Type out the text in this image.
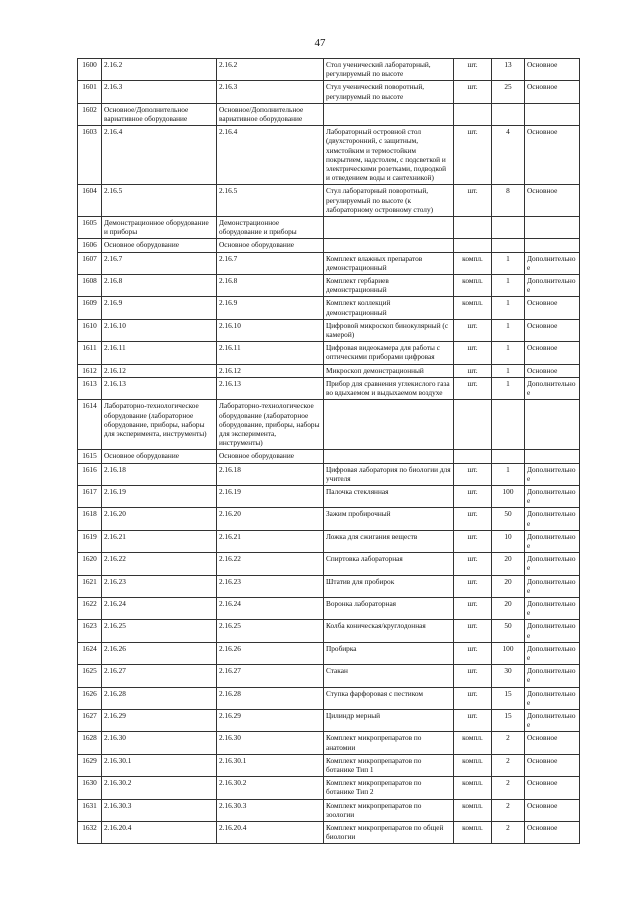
47
1600	2.16.2	2.16.2	Стол ученический лабораторный, регулируемый по высоте	шт.	13	Основное
1601	2.16.3	2.16.3	Стул ученический поворотный, регулируемый по высоте	шт.	25	Основное
1602	Основное/Дополнительное вариативное оборудование	Основное/Дополнительное вариативное оборудование				
1603	2.16.4	2.16.4	Лабораторный островной стол (двухсторонний, с защитным, химстойким и термостойким покрытием, надстолем, с подсветкой и электрическими розетками, подводкой и отведением воды и сантехникой)	шт.	4	Основное
1604	2.16.5	2.16.5	Стул лабораторный поворотный, регулируемый по высоте (к лабораторному островному столу)	шт.	8	Основное
1605	Демонстрационное оборудование и приборы	Демонстрационное оборудование и приборы				
1606	Основное оборудование	Основное оборудование				
1607	2.16.7	2.16.7	Комплект влажных препаратов демонстрационный	компл.	1	Дополнительное
1608	2.16.8	2.16.8	Комплект гербариев демонстрационный	компл.	1	Дополнительное
1609	2.16.9	2.16.9	Комплект коллекций демонстрационный	компл.	1	Основное
1610	2.16.10	2.16.10	Цифровой микроскоп бинокулярный (с камерой)	шт.	1	Основное
1611	2.16.11	2.16.11	Цифровая видеокамера для работы с оптическими приборами цифровая	шт.	1	Основное
1612	2.16.12	2.16.12	Микроскоп демонстрационный	шт.	1	Основное
1613	2.16.13	2.16.13	Прибор для сравнения углекислого газа во вдыхаемом и выдыхаемом воздухе	шт.	1	Дополнительное
1614	Лабораторно-технологическое оборудование (лабораторное оборудование, приборы, наборы для эксперимента, инструменты)	Лабораторно-технологическое оборудование (лабораторное оборудование, приборы, наборы для эксперимента, инструменты)				
1615	Основное оборудование	Основное оборудование				
1616	2.16.18	2.16.18	Цифровая лаборатория по биологии для учителя	шт.	1	Дополнительное
1617	2.16.19	2.16.19	Палочка стеклянная	шт.	100	Дополнительное
1618	2.16.20	2.16.20	Зажим пробирочный	шт.	50	Дополнительное
1619	2.16.21	2.16.21	Ложка для сжигания веществ	шт.	10	Дополнительное
1620	2.16.22	2.16.22	Спиртовка лабораторная	шт.	20	Дополнительное
1621	2.16.23	2.16.23	Штатив для пробирок	шт.	20	Дополнительное
1622	2.16.24	2.16.24	Воронка лабораторная	шт.	20	Дополнительное
1623	2.16.25	2.16.25	Колба коническая/круглодонная	шт.	50	Дополнительное
1624	2.16.26	2.16.26	Пробирка	шт.	100	Дополнительное
1625	2.16.27	2.16.27	Стакан	шт.	30	Дополнительное
1626	2.16.28	2.16.28	Ступка фарфоровая с пестиком	шт.	15	Дополнительное
1627	2.16.29	2.16.29	Цилиндр мерный	шт.	15	Дополнительное
1628	2.16.30	2.16.30	Комплект микропрепаратов по анатомии	компл.	2	Основное
1629	2.16.30.1	2.16.30.1	Комплект микропрепаратов по ботанике Тип 1	компл.	2	Основное
1630	2.16.30.2	2.16.30.2	Комплект микропрепаратов по ботанике Тип 2	компл.	2	Основное
1631	2.16.30.3	2.16.30.3	Комплект микропрепаратов по зоологии	компл.	2	Основное
1632	2.16.20.4	2.16.20.4	Комплект микропрепаратов по общей биологии	компл.	2	Основное
